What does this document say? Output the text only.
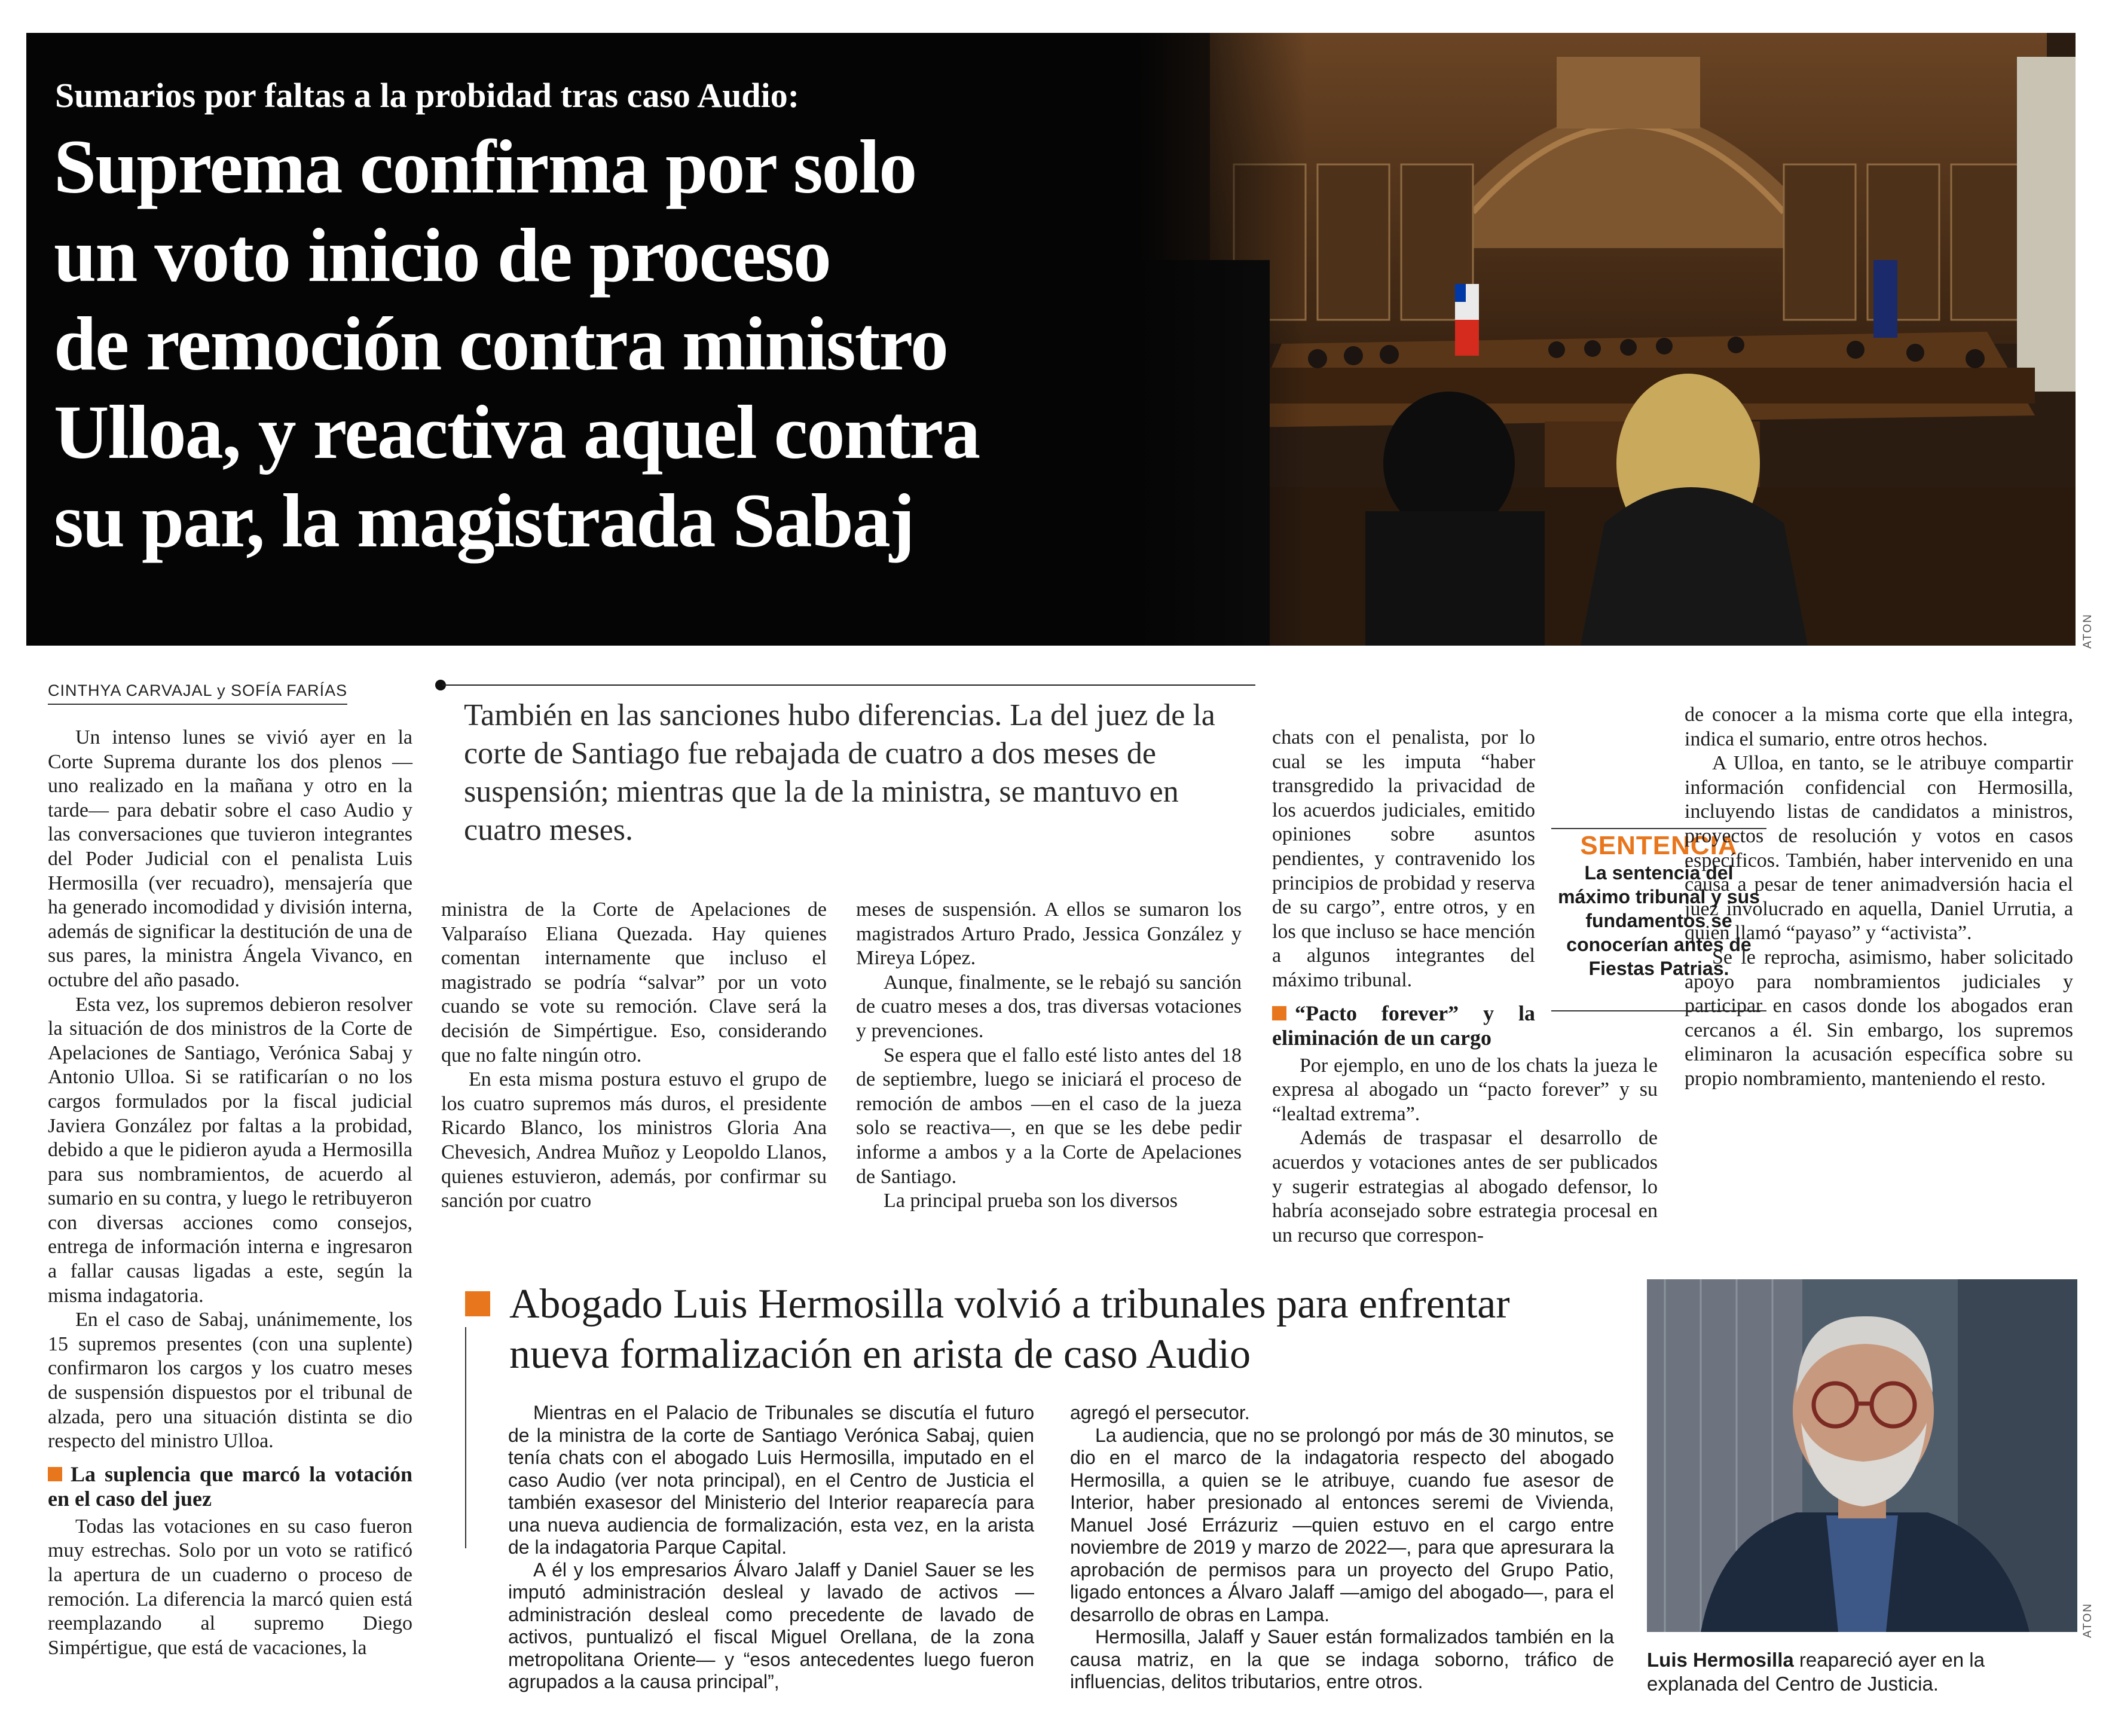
Sumarios por faltas a la probidad tras caso Audio:
Suprema confirma por solo
un voto inicio de proceso
de remoción contra ministro
Ulloa, y reactiva aquel contra
su par, la magistrada Sabaj
ATON
CINTHYA CARVAJAL y SOFÍA FARÍAS

Un intenso lunes se vivió ayer en la Corte Suprema durante los dos plenos —uno realizado en la mañana y otro en la tarde— para debatir sobre el caso Audio y las conversaciones que tuvieron integrantes del Poder Judicial con el penalista Luis Hermosilla (ver recuadro), mensajería que ha generado incomodidad y división interna, además de significar la destitución de una de sus pares, la ministra Ángela Vivanco, en octubre del año pasado.

Esta vez, los supremos debieron resolver la situación de dos ministros de la Corte de Apelaciones de Santiago, Verónica Sabaj y Antonio Ulloa. Si se ratificarían o no los cargos formulados por la fiscal judicial Javiera González por faltas a la probidad, debido a que le pidieron ayuda a Hermosilla para sus nombramientos, de acuerdo al sumario en su contra, y luego le retribuyeron con diversas acciones como consejos, entrega de información interna e ingresaron a fallar causas ligadas a este, según la misma indagatoria.

En el caso de Sabaj, unánimemente, los 15 supremos presentes (con una suplente) confirmaron los cargos y los cuatro meses de suspensión dispuestos por el tribunal de alzada, pero una situación distinta se dio respecto del ministro Ulloa.

La suplencia que marcó la votación en el caso del juez

Todas las votaciones en su caso fueron muy estrechas. Solo por un voto se ratificó la apertura de un cuaderno o proceso de remoción. La diferencia la marcó quien está reemplazando al supremo Diego Simpértigue, que está de vacaciones, la

También en las sanciones hubo diferencias. La del juez de la corte de Santiago fue rebajada de cuatro a dos meses de suspensión; mientras que la de la ministra, se mantuvo en cuatro meses.

ministra de la Corte de Apelaciones de Valparaíso Eliana Quezada. Hay quienes comentan internamente que incluso el magistrado se podría “salvar” por un voto cuando se vote su remoción. Clave será la decisión de Simpértigue. Eso, considerando que no falte ningún otro.

En esta misma postura estuvo el grupo de los cuatro supremos más duros, el presidente Ricardo Blanco, los ministros Gloria Ana Chevesich, Andrea Muñoz y Leopoldo Llanos, quienes estuvieron, además, por confirmar su sanción por cuatro

meses de suspensión. A ellos se sumaron los magistrados Arturo Prado, Jessica González y Mireya López.

Aunque, finalmente, se le rebajó su sanción de cuatro meses a dos, tras diversas votaciones y prevenciones.

Se espera que el fallo esté listo antes del 18 de septiembre, luego se iniciará el proceso de remoción de ambos —en el caso de la jueza solo se reactiva—, en que se les debe pedir informe a ambos y a la Corte de Apelaciones de Santiago.

La principal prueba son los diversos

chats con el penalista, por lo cual se les imputa “haber transgredido la privacidad de los acuerdos judiciales, emitido opiniones sobre asuntos pendientes, y contravenido los principios de probidad y reserva de su cargo”, entre otros, y en los que incluso se hace mención a algunos integrantes del máximo tribunal.

“Pacto forever” y la eliminación de un cargo

Por ejemplo, en uno de los chats la jueza le expresa al abogado un “pacto forever” y su “lealtad extrema”.

Además de traspasar el desarrollo de acuerdos y votaciones antes de ser publicados y sugerir estrategias al abogado defensor, lo habría aconsejado sobre estrategia procesal en un recurso que correspon-

SENTENCIA
La sentencia del máximo tribunal y sus fundamentos se conocerían antes de Fiestas Patrias.

de conocer a la misma corte que ella integra, indica el sumario, entre otros hechos.

A Ulloa, en tanto, se le atribuye compartir información confidencial con Hermosilla, incluyendo listas de candidatos a ministros, proyectos de resolución y votos en casos específicos. También, haber intervenido en una causa a pesar de tener animadversión hacia el juez involucrado en aquella, Daniel Urrutia, a quien llamó “payaso” y “activista”.

Se le reprocha, asimismo, haber solicitado apoyo para nombramientos judiciales y participar en casos donde los abogados eran cercanos a él. Sin embargo, los supremos eliminaron la acusación específica sobre su propio nombramiento, manteniendo el resto.

Abogado Luis Hermosilla volvió a tribunales para enfrentar
nueva formalización en arista de caso Audio

Mientras en el Palacio de Tribunales se discutía el futuro de la ministra de la corte de Santiago Verónica Sabaj, quien tenía chats con el abogado Luis Hermosilla, imputado en el caso Audio (ver nota principal), en el Centro de Justicia el también exasesor del Ministerio del Interior reaparecía para una nueva audiencia de formalización, esta vez, en la arista de la indagatoria Parque Capital.

A él y los empresarios Álvaro Jalaff y Daniel Sauer se les imputó administración desleal y lavado de activos —administración desleal como precedente de lavado de activos, puntualizó el fiscal Miguel Orellana, de la zona metropolitana Oriente— y “esos antecedentes luego fueron agrupados a la causa principal”,

agregó el persecutor.

La audiencia, que no se prolongó por más de 30 minutos, se dio en el marco de la indagatoria respecto del abogado Hermosilla, a quien se le atribuye, cuando fue asesor de Interior, haber presionado al entonces seremi de Vivienda, Manuel José Errázuriz —quien estuvo en el cargo entre noviembre de 2019 y marzo de 2022—, para que apresurara la aprobación de permisos para un proyecto del Grupo Patio, ligado entonces a Álvaro Jalaff —amigo del abogado—, para el desarrollo de obras en Lampa.

Hermosilla, Jalaff y Sauer están formalizados también en la causa matriz, en la que se indaga soborno, tráfico de influencias, delitos tributarios, entre otros.

ATON
Luis Hermosilla reapareció ayer en la explanada del Centro de Justicia.
